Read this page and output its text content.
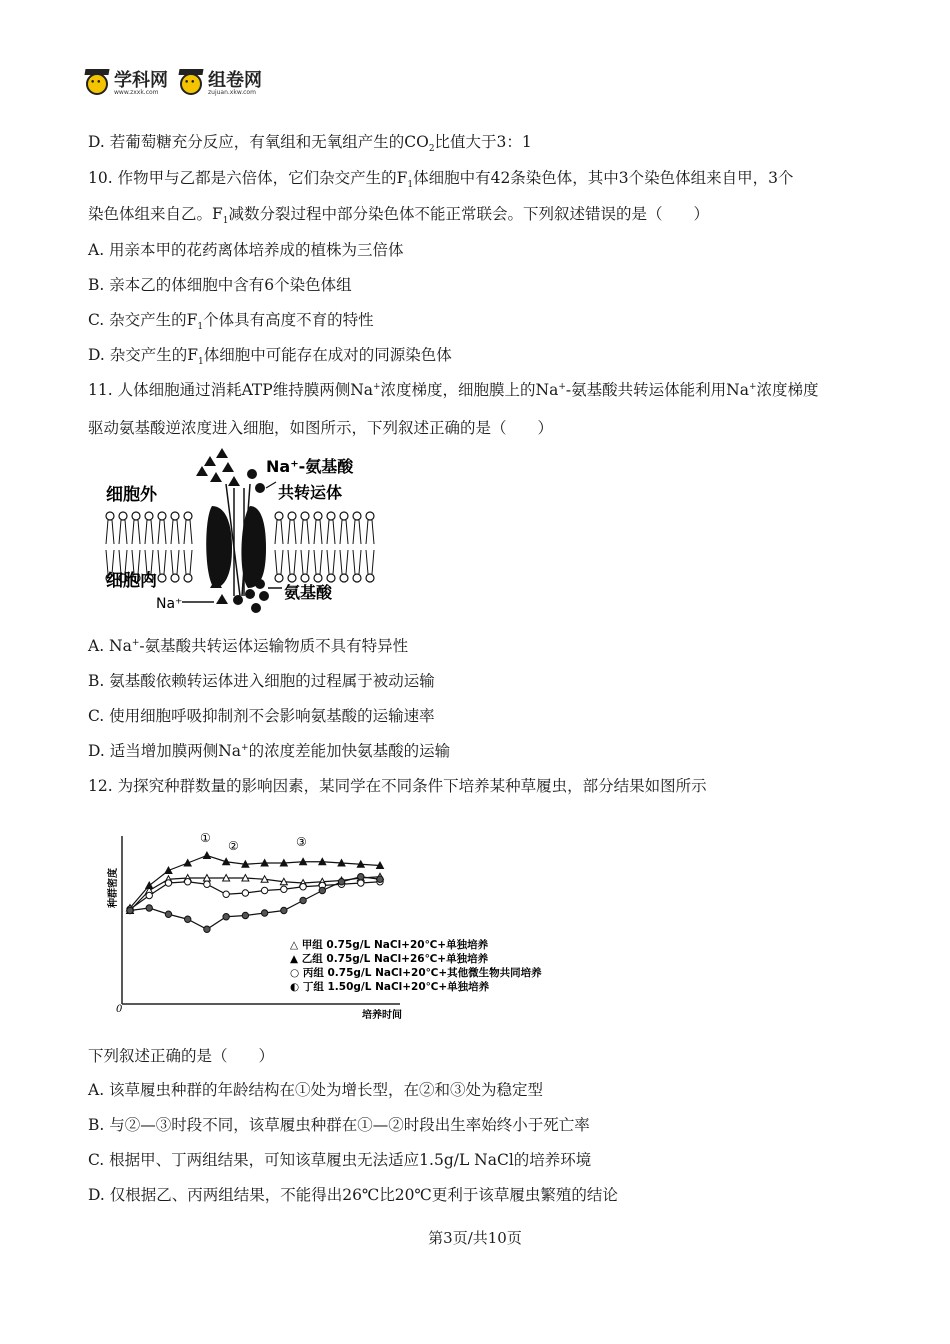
• •
学科网
www.zxxk.com
• •
组卷网
zujuan.xkw.com
D. 若葡萄糖充分反应，有氧组和无氧组产生的$CO_2$比值大于3：1
10. 作物甲与乙都是六倍体，它们杂交产生的$F_1$体细胞中有42条染色体，其中3个染色体组来自甲，3个
染色体组来自乙。$F_1$减数分裂过程中部分染色体不能正常联会。下列叙述错误的是（　　）
A. 用亲本甲的花药离体培养成的植株为三倍体
B. 亲本乙的体细胞中含有6个染色体组
C. 杂交产生的$F_1$个体具有高度不育的特性
D. 杂交产生的$F_1$体细胞中可能存在成对的同源染色体
11. 人体细胞通过消耗ATP维持膜两侧Na+浓度梯度，细胞膜上的Na+-氨基酸共转运体能利用Na+浓度梯度
驱动氨基酸逆浓度进入细胞，如图所示，下列叙述正确的是（　　）
细胞外
细胞内
Na⁺-氨基酸
共转运体
氨基酸
Na⁺
A. Na+-氨基酸共转运体运输物质不具有特异性
B. 氨基酸依赖转运体进入细胞的过程属于被动运输
C. 使用细胞呼吸抑制剂不会影响氨基酸的运输速率
D. 适当增加膜两侧Na+的浓度差能加快氨基酸的运输
12. 为探究种群数量的影响因素，某同学在不同条件下培养某种草履虫，部分结果如图所示
种群密度
培养时间
0
①
②	③
△ 甲组 0.75g/L NaCl+20℃+单独培养
▲ 乙组 0.75g/L NaCl+26℃+单独培养
○ 丙组 0.75g/L NaCl+20℃+其他微生物共同培养
◐ 丁组 1.50g/L NaCl+20℃+单独培养
下列叙述正确的是（　　）
A. 该草履虫种群的年龄结构在①处为增长型，在②和③处为稳定型
B. 与②—③时段不同，该草履虫种群在①—②时段出生率始终小于死亡率
C. 根据甲、丁两组结果，可知该草履虫无法适应1.5g/L NaCl的培养环境
D. 仅根据乙、丙两组结果，不能得出26℃比20℃更利于该草履虫繁殖的结论
第3页/共10页
